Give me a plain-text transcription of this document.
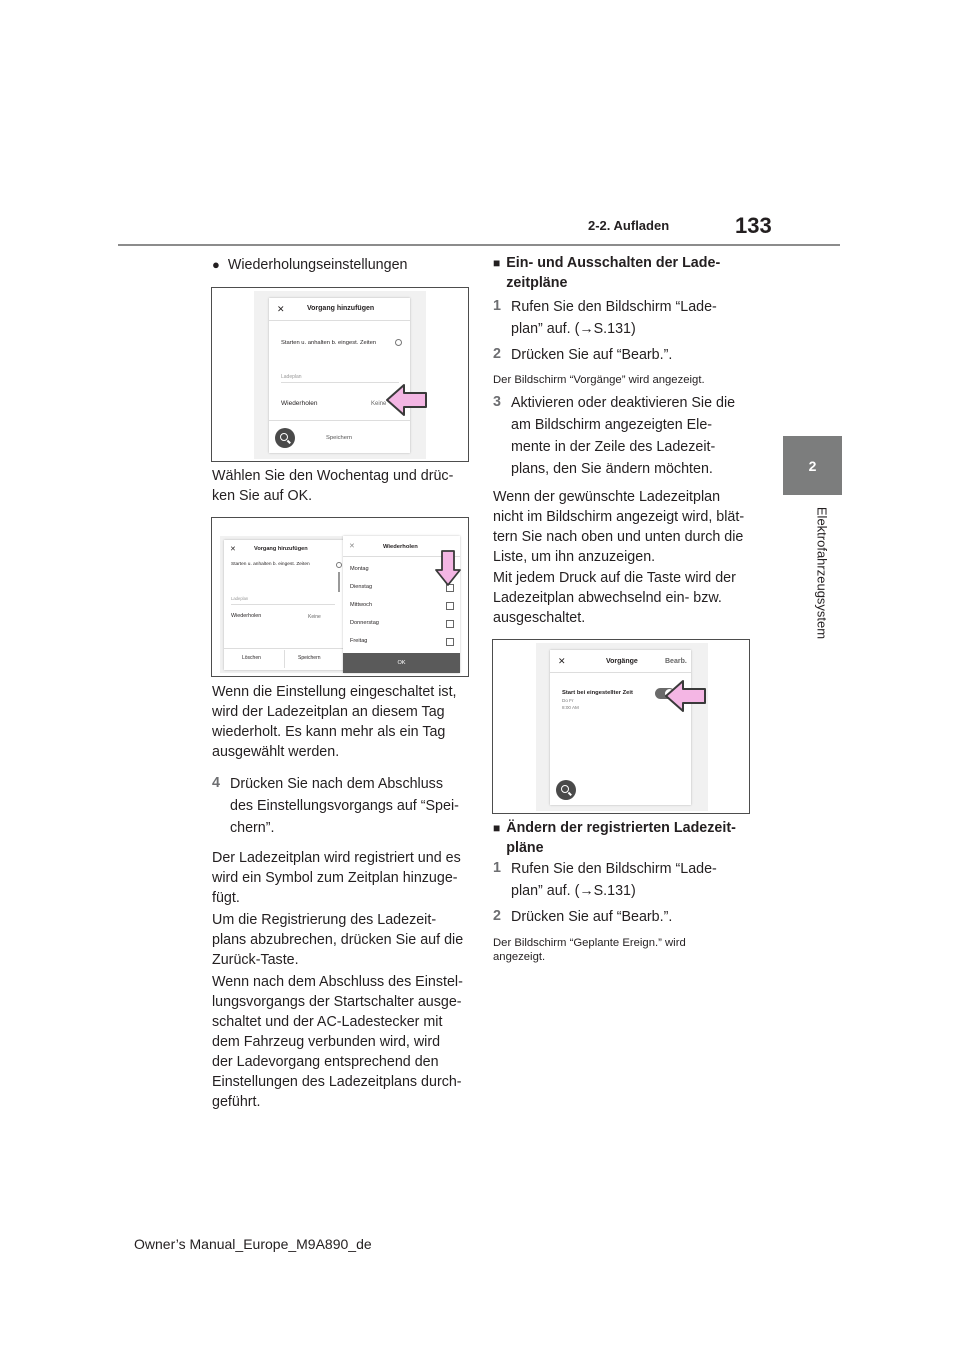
2-2. Aufladen	133
2
Elektrofahrzeugsystem
● Wiederholungseinstellungen
✕	Vorgang hinzufügen
Starten u. anhalten b. eingest. Zeiten
Ladeplan
Wiederholen	Keine
Speichern

Wählen Sie den Wochentag und drüc-

ken Sie auf OK.

✕	Vorgang hinzufügen
Starten u. anhalten b. eingest. Zeiten
Ladeplan
Wiederholen	Keine
Löschen	Speichern
✕	Wiederholen
Montag
Dienstag
Mittwoch
Donnerstag
Freitag
OK

Wenn die Einstellung eingeschaltet ist,

wird der Ladezeitplan an diesem Tag

wiederholt. Es kann mehr als ein Tag

ausgewählt werden.

4 Drücken Sie nach dem Abschluss

des Einstellungsvorgangs auf “Spei-

chern”.

Der Ladezeitplan wird registriert und es

wird ein Symbol zum Zeitplan hinzuge-

fügt.

Um die Registrierung des Ladezeit-

plans abzubrechen, drücken Sie auf die

Zurück-Taste.

Wenn nach dem Abschluss des Einstel-

lungsvorgangs der Startschalter ausge-

schaltet und der AC-Ladestecker mit

dem Fahrzeug verbunden wird, wird

der Ladevorgang entsprechend den

Einstellungen des Ladezeitplans durch-

geführt.

■ Ein- und Ausschalten der Lade-

zeitpläne

1 Rufen Sie den Bildschirm “Lade-

plan” auf. (→S.131)

2 Drücken Sie auf “Bearb.”.
Der Bildschirm “Vorgänge” wird angezeigt.
3 Aktivieren oder deaktivieren Sie die

am Bildschirm angezeigten Ele-

mente in der Zeile des Ladezeit-

plans, den Sie ändern möchten.

Wenn der gewünschte Ladezeitplan

nicht im Bildschirm angezeigt wird, blät-

tern Sie nach oben und unten durch die

Liste, um ihn anzuzeigen.

Mit jedem Druck auf die Taste wird der

Ladezeitplan abwechselnd ein- bzw.

ausgeschaltet.

✕	Vorgänge	Bearb.
Start bei eingestellter Zeit
Do Fr
8:00 AM
■ Ändern der registrierten Ladezeit-

pläne

1 Rufen Sie den Bildschirm “Lade-

plan” auf. (→S.131)

2 Drücken Sie auf “Bearb.”.

Der Bildschirm “Geplante Ereign.” wird

angezeigt.

Owner’s Manual_Europe_M9A890_de
